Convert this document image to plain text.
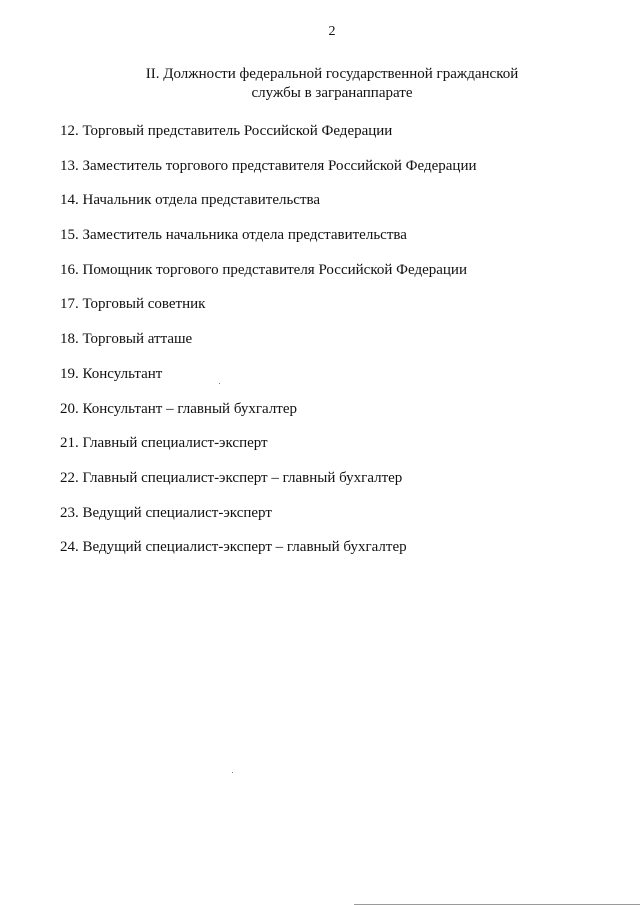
2
II. Должности федеральной государственной гражданской
службы в загранаппарате
12. Торговый представитель Российской Федерации
13. Заместитель торгового представителя Российской Федерации
14. Начальник отдела представительства
15. Заместитель начальника отдела представительства
16. Помощник торгового представителя Российской Федерации
17. Торговый советник
18. Торговый атташе
19. Консультант
20. Консультант – главный бухгалтер
21. Главный специалист-эксперт
22. Главный специалист-эксперт – главный бухгалтер
23. Ведущий специалист-эксперт
24. Ведущий специалист-эксперт – главный бухгалтер
